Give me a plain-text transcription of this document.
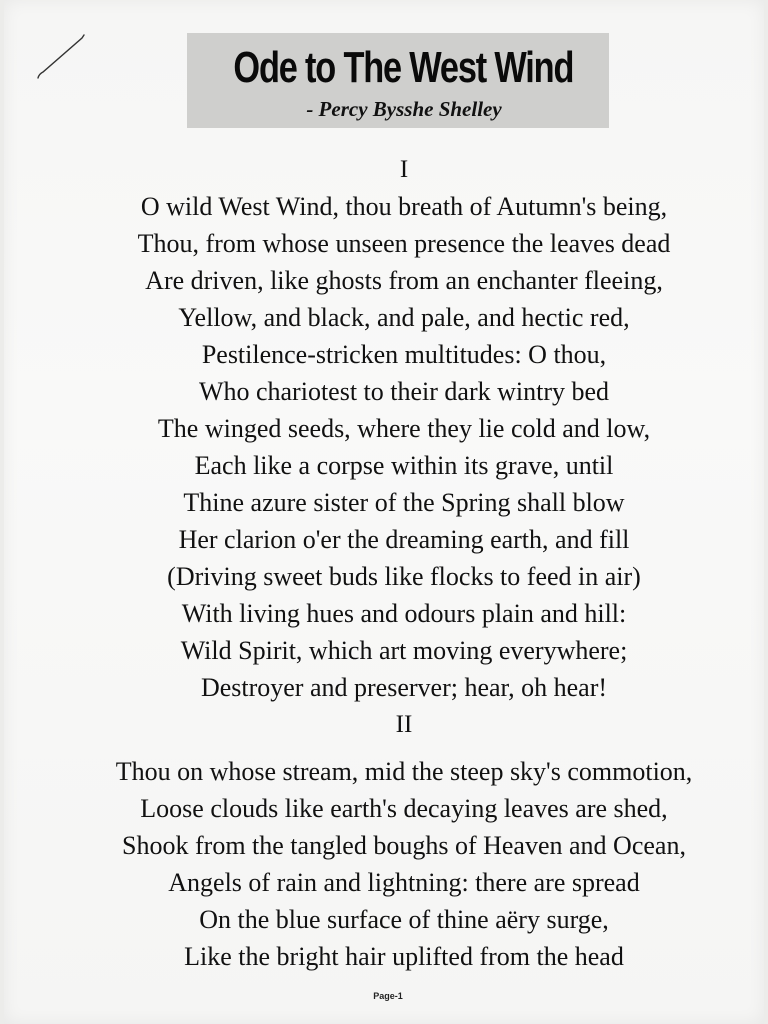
Ode to The West Wind
- Percy Bysshe Shelley
I
O wild West Wind, thou breath of Autumn's being,
Thou, from whose unseen presence the leaves dead
Are driven, like ghosts from an enchanter fleeing,
Yellow, and black, and pale, and hectic red,
Pestilence-stricken multitudes: O thou,
Who chariotest to their dark wintry bed
The winged seeds, where they lie cold and low,
Each like a corpse within its grave, until
Thine azure sister of the Spring shall blow
Her clarion o'er the dreaming earth, and fill
(Driving sweet buds like flocks to feed in air)
With living hues and odours plain and hill:
Wild Spirit, which art moving everywhere;
Destroyer and preserver; hear, oh hear!
II
Thou on whose stream, mid the steep sky's commotion,
Loose clouds like earth's decaying leaves are shed,
Shook from the tangled boughs of Heaven and Ocean,
Angels of rain and lightning: there are spread
On the blue surface of thine aëry surge,
Like the bright hair uplifted from the head
Page-1
